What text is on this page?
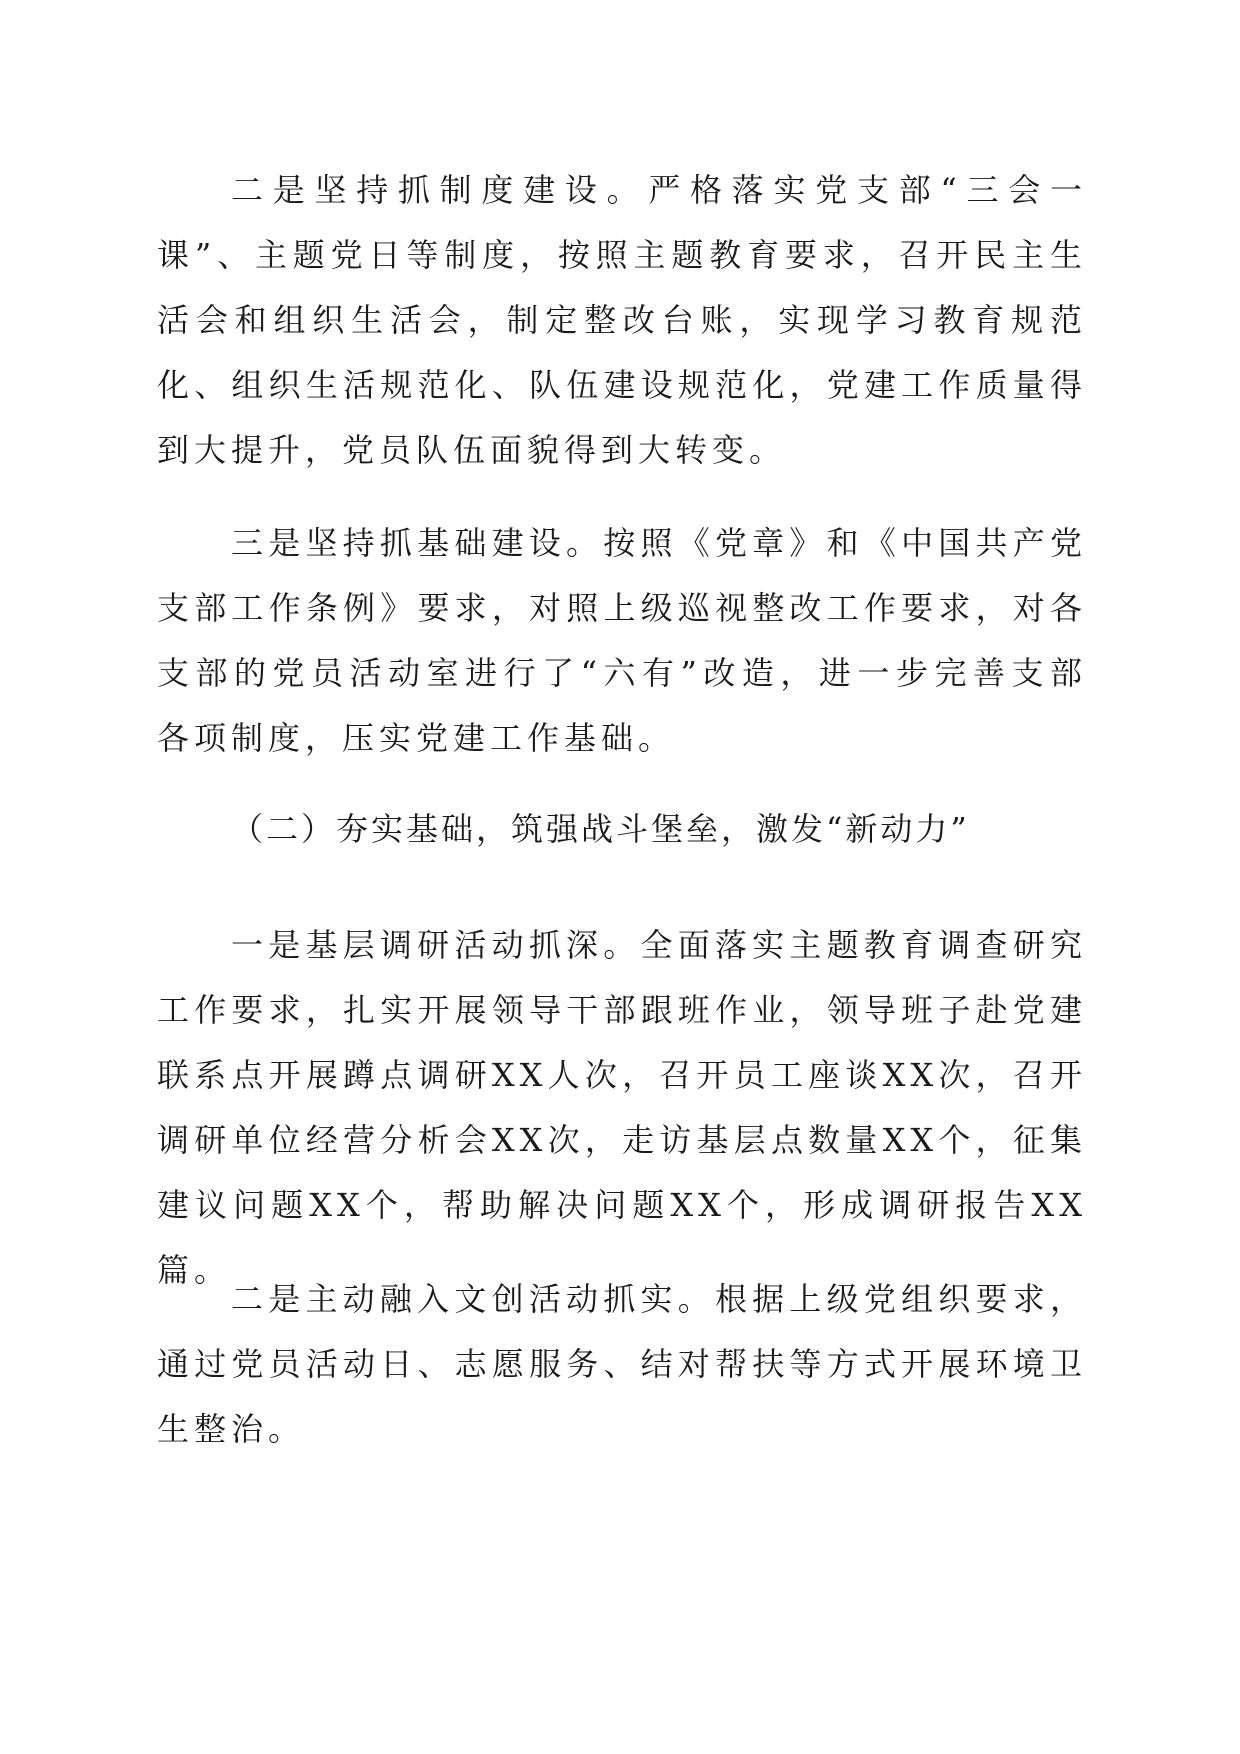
二是坚持抓制度建设。严格落实党支部“三会一课”、主题党日等制度，按照主题教育要求，召开民主生活会和组织生活会，制定整改台账，实现学习教育规范化、组织生活规范化、队伍建设规范化，党建工作质量得到大提升，党员队伍面貌得到大转变。

三是坚持抓基础建设。按照《党章》和《中国共产党支部工作条例》要求，对照上级巡视整改工作要求，对各支部的党员活动室进行了“六有”改造，进一步完善支部各项制度，压实党建工作基础。

（二）夯实基础，筑强战斗堡垒，激发“新动力”

一是基层调研活动抓深。全面落实主题教育调查研究工作要求，扎实开展领导干部跟班作业，领导班子赴党建联系点开展蹲点调研XX人次，召开员工座谈XX次，召开调研单位经营分析会XX次，走访基层点数量XX个，征集建议问题XX个，帮助解决问题XX个，形成调研报告XX篇。

二是主动融入文创活动抓实。根据上级党组织要求，通过党员活动日、志愿服务、结对帮扶等方式开展环境卫生整治。
